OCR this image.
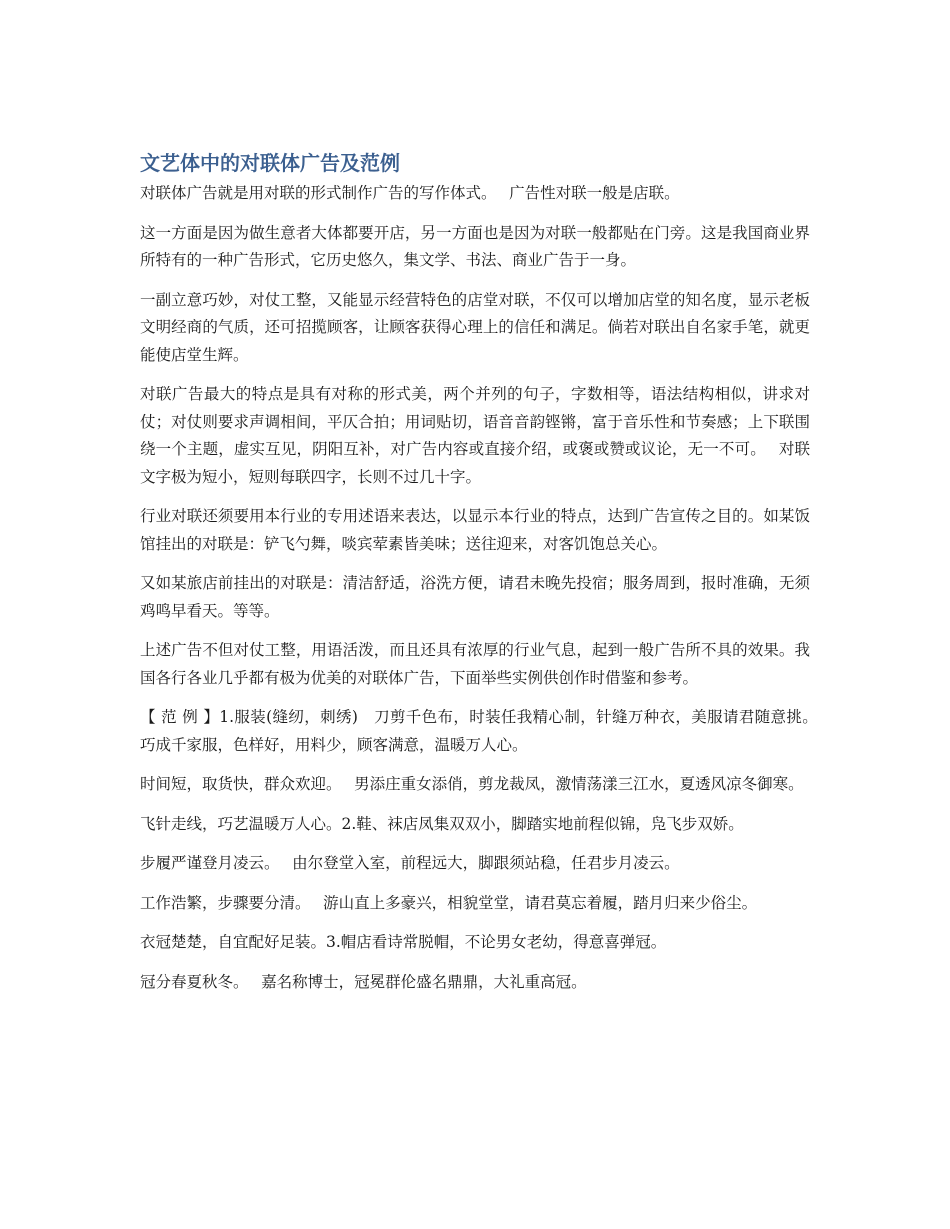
文艺体中的对联体广告及范例

对联体广告就是用对联的形式制作广告的写作体式。　 广告性对联一般是店联。

这一方面是因为做生意者大体都要开店，另一方面也是因为对联一般都贴在门旁。这是我国商业界所特有的一种广告形式，它历史悠久，集文学、书法、商业广告于一身。

一副立意巧妙，对仗工整，又能显示经营特色的店堂对联，不仅可以增加店堂的知名度，显示老板文明经商的气质，还可招揽顾客，让顾客获得心理上的信任和满足。倘若对联出自名家手笔，就更能使店堂生辉。

对联广告最大的特点是具有对称的形式美，两个并列的句子，字数相等，语法结构相似，讲求对仗；对仗则要求声调相间，平仄合拍；用词贴切，语音音韵铿锵，富于音乐性和节奏感；上下联围绕一个主题，虚实互见，阴阳互补，对广告内容或直接介绍，或褒或赞或议论，无一不可。　 对联文字极为短小，短则每联四字，长则不过几十字。

行业对联还须要用本行业的专用述语来表达，以显示本行业的特点，达到广告宣传之目的。如某饭馆挂出的对联是：铲飞勺舞，啖宾荤素皆美味；送往迎来，对客饥饱总关心。

又如某旅店前挂出的对联是：清洁舒适，浴洗方便，请君未晚先投宿；服务周到，报时准确，无须鸡鸣早看天。等等。

上述广告不但对仗工整，用语活泼，而且还具有浓厚的行业气息，起到一般广告所不具的效果。我国各行各业几乎都有极为优美的对联体广告，下面举些实例供创作时借鉴和参考。

【 范 例 】1.服装(缝纫，刺绣)　刀剪千色布，时装任我精心制，针缝万种衣，美服请君随意挑。　 巧成千家服，色样好，用料少，顾客满意，温暖万人心。

时间短，取货快，群众欢迎。　 男添庄重女添俏，剪龙裁凤，激情荡漾三江水，夏透风凉冬御寒。

飞针走线，巧艺温暖万人心。2.鞋、袜店凤集双双小，脚踏实地前程似锦，凫飞步双娇。

步履严谨登月凌云。　 由尔登堂入室，前程远大，脚跟须站稳，任君步月凌云。

工作浩繁，步骤要分清。　 游山直上多豪兴，相貌堂堂，请君莫忘着履，踏月归来少俗尘。

衣冠楚楚，自宜配好足装。3.帽店看诗常脱帽，不论男女老幼，得意喜弹冠。

冠分春夏秋冬。　 嘉名称博士，冠冕群伦盛名鼎鼎，大礼重高冠。
